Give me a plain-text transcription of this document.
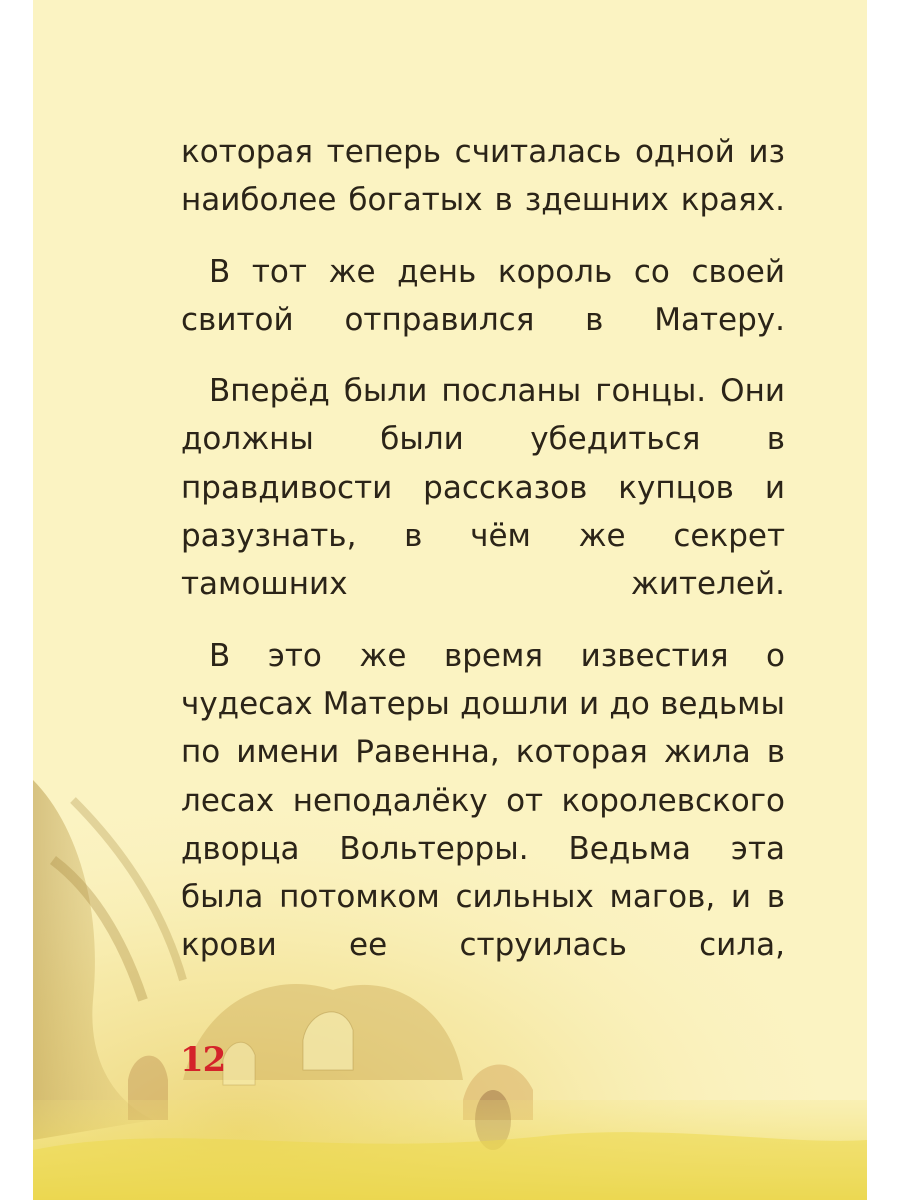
которая теперь считалась одной из наиболее богатых в здешних краях.

В тот же день король со своей свитой отправился в Матеру.

Вперёд были посланы гонцы. Они должны были убедиться в правдивости рассказов купцов и разузнать, в чём же секрет тамошних жителей.

В это же время известия о чудесах Матеры дошли и до ведьмы по имени Равенна, которая жила в лесах неподалёку от королевского дворца Вольтерры. Ведьма эта была потомком сильных магов, и в крови ее струилась сила,

12
